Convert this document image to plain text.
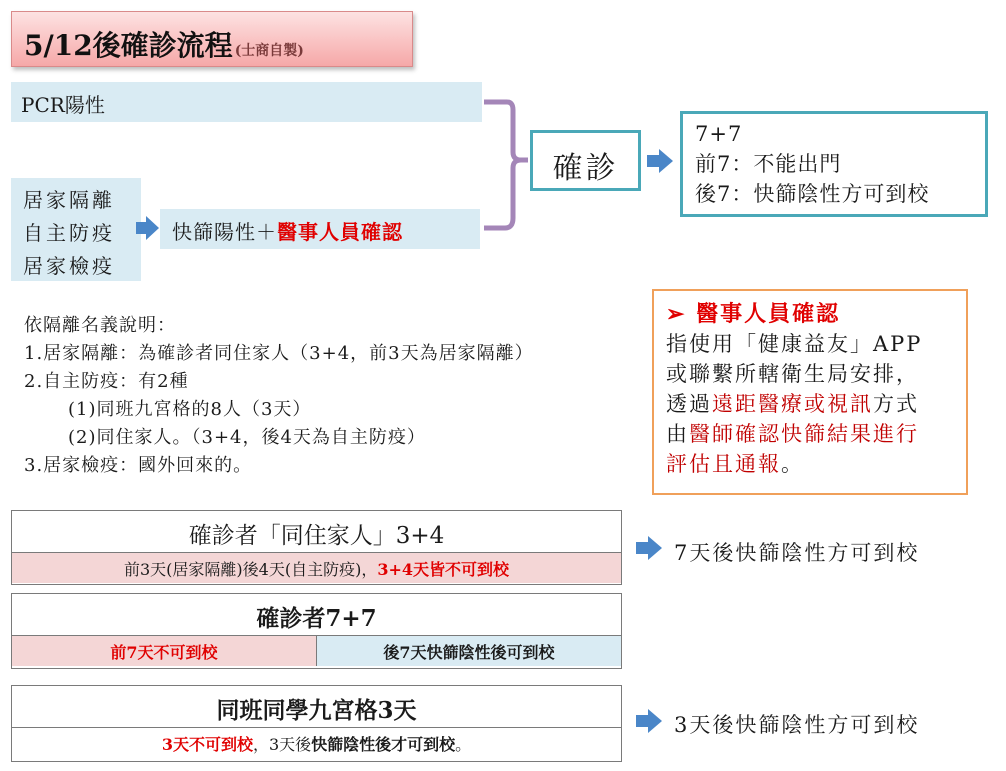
5/12後確診流程 (士商自製)
PCR陽性
居家隔離
自主防疫
居家檢疫
快篩陽性＋醫事人員確認
確診
7+7
前7：不能出門
後7：快篩陰性方可到校
依隔離名義說明：
1.居家隔離：為確診者同住家人（3+4，前3天為居家隔離）
2.自主防疫：有2種
(1)同班九宮格的8人（3天）
(2)同住家人。（3+4，後4天為自主防疫）
3.居家檢疫：國外回來的。
➢ 醫事人員確認
指使用「健康益友」APP
或聯繫所轄衛生局安排，
透過遠距醫療或視訊方式
由醫師確認快篩結果進行
評估且通報。
確診者「同住家人」3+4
前3天(居家隔離)後4天(自主防疫)， 3+4天皆不可到校
7天後快篩陰性方可到校
確診者7+7
前7天不可到校	後7天快篩陰性後可到校
同班同學九宮格3天
3天不可到校 ，3天後 快篩陰性後才可到校 。
3天後快篩陰性方可到校
